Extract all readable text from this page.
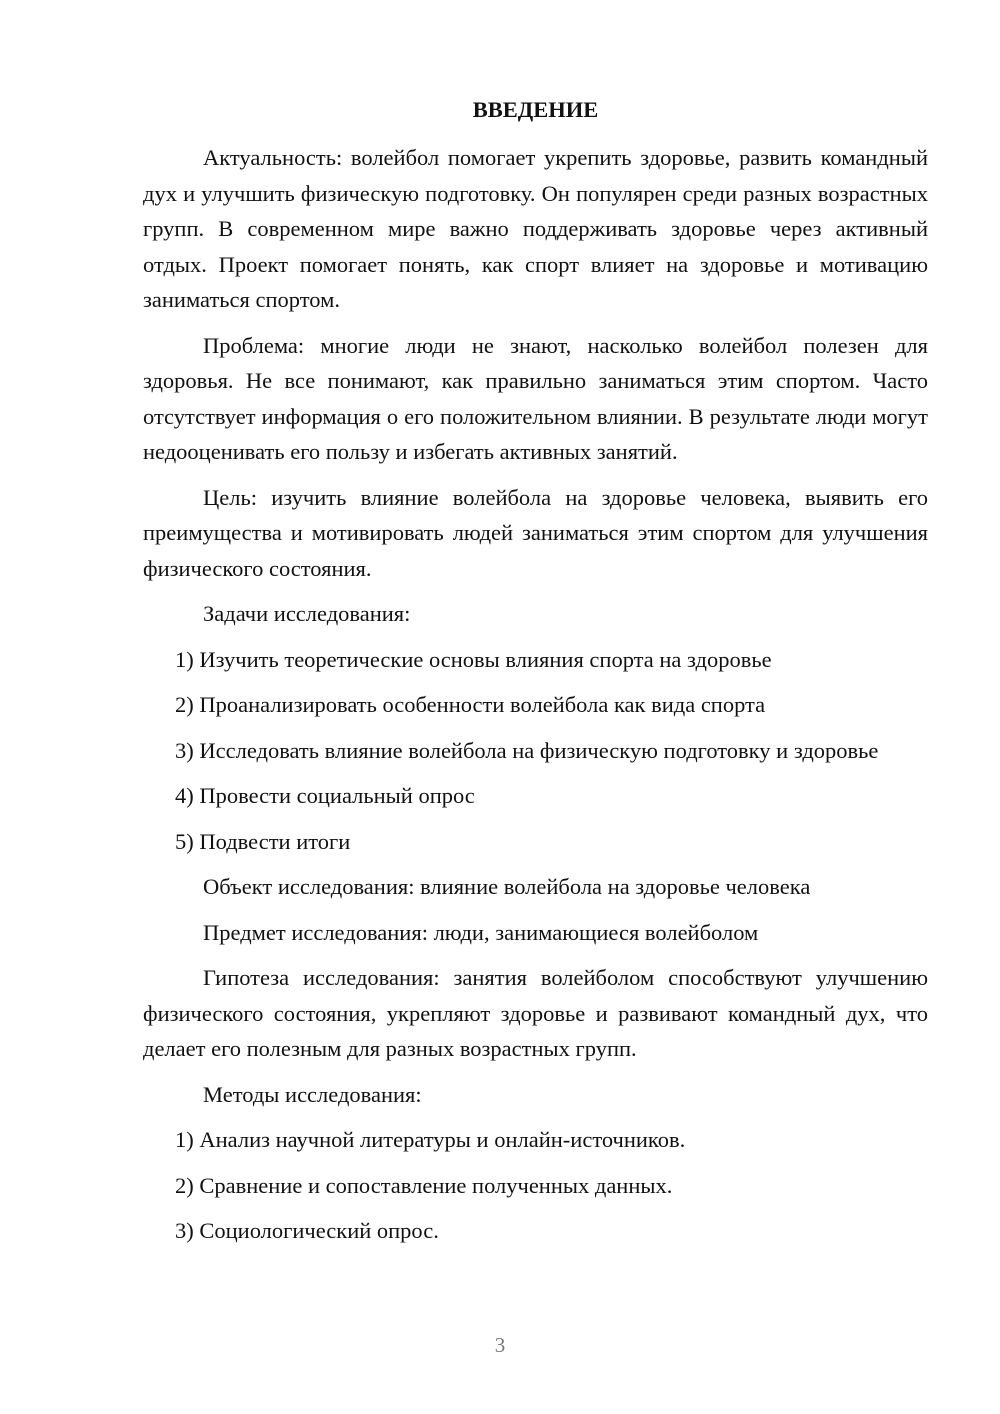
ВВЕДЕНИЕ

Актуальность: волейбол помогает укрепить здоровье, развить командный дух и улучшить физическую подготовку. Он популярен среди разных возрастных групп. В современном мире важно поддерживать здоровье через активный отдых. Проект помогает понять, как спорт влияет на здоровье и мотивацию заниматься спортом.

Проблема: многие люди не знают, насколько волейбол полезен для здоровья. Не все понимают, как правильно заниматься этим спортом. Часто отсутствует информация о его положительном влиянии. В результате люди могут недооценивать его пользу и избегать активных занятий.

Цель: изучить влияние волейбола на здоровье человека, выявить его преимущества и мотивировать людей заниматься этим спортом для улучшения физического состояния.

Задачи исследования:
1) Изучить теоретические основы влияния спорта на здоровье
2) Проанализировать особенности волейбола как вида спорта

3) Исследовать влияние волейбола на физическую подготовку и здоровье

4) Провести социальный опрос
5) Подвести итоги
Объект исследования: влияние волейбола на здоровье человека
Предмет исследования: люди, занимающиеся волейболом

Гипотеза исследования: занятия волейболом способствуют улучшению физического состояния, укрепляют здоровье и развивают командный дух, что делает его полезным для разных возрастных групп.

Методы исследования:
1) Анализ научной литературы и онлайн-источников.
2) Сравнение и сопоставление полученных данных.
3) Социологический опрос.
3
